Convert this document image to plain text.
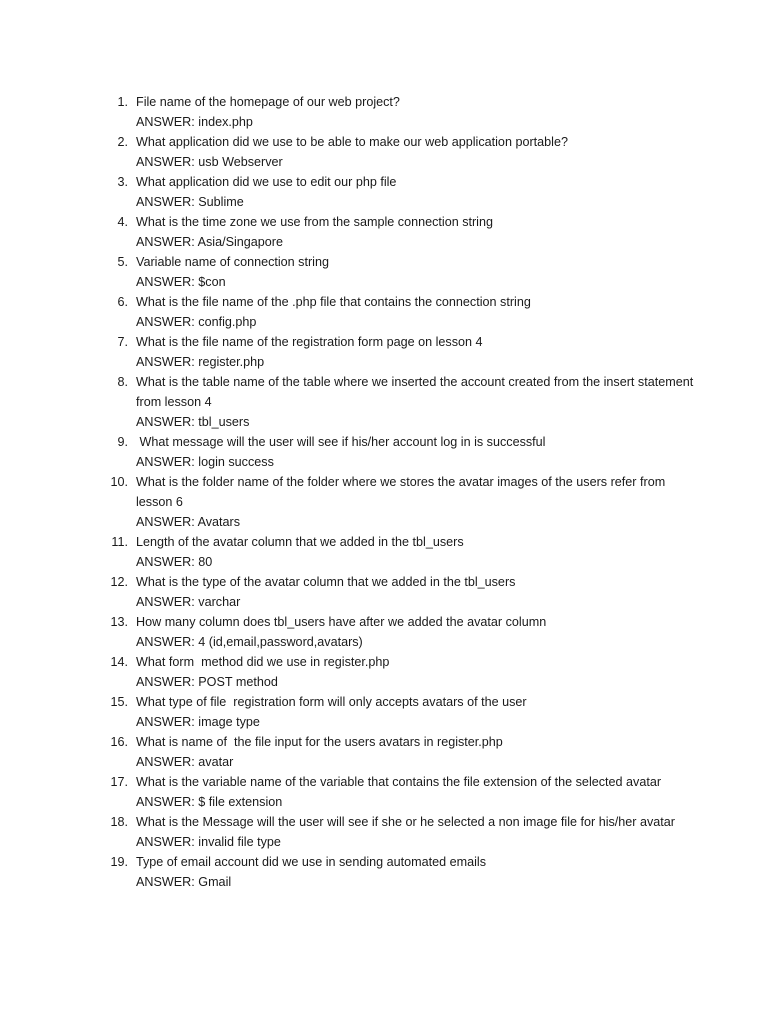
1. File name of the homepage of our web project?
ANSWER: index.php
2. What application did we use to be able to make our web application portable?
ANSWER: usb Webserver
3. What application did we use to edit our php file
ANSWER: Sublime
4. What is the time zone we use from the sample connection string
ANSWER: Asia/Singapore
5. Variable name of connection string
ANSWER: $con
6. What is the file name of the .php file that contains the connection string
ANSWER: config.php
7. What is the file name of the registration form page on lesson 4
ANSWER: register.php
8. What is the table name of the table where we inserted the account created from the insert statement from lesson 4
ANSWER: tbl_users
9. What message will the user will see if his/her account log in is successful
ANSWER: login success
10. What is the folder name of the folder where we stores the avatar images of the users refer from lesson 6
ANSWER: Avatars
11. Length of the avatar column that we added in the tbl_users
ANSWER: 80
12. What is the type of the avatar column that we added in the tbl_users
ANSWER: varchar
13. How many column does tbl_users have after we added the avatar column
ANSWER: 4 (id,email,password,avatars)
14. What form  method did we use in register.php
ANSWER: POST method
15. What type of file  registration form will only accepts avatars of the user
ANSWER: image type
16. What is name of  the file input for the users avatars in register.php
ANSWER: avatar
17. What is the variable name of the variable that contains the file extension of the selected avatar
ANSWER: $ file extension
18. What is the Message will the user will see if she or he selected a non image file for his/her avatar
ANSWER: invalid file type
19. Type of email account did we use in sending automated emails
ANSWER: Gmail
